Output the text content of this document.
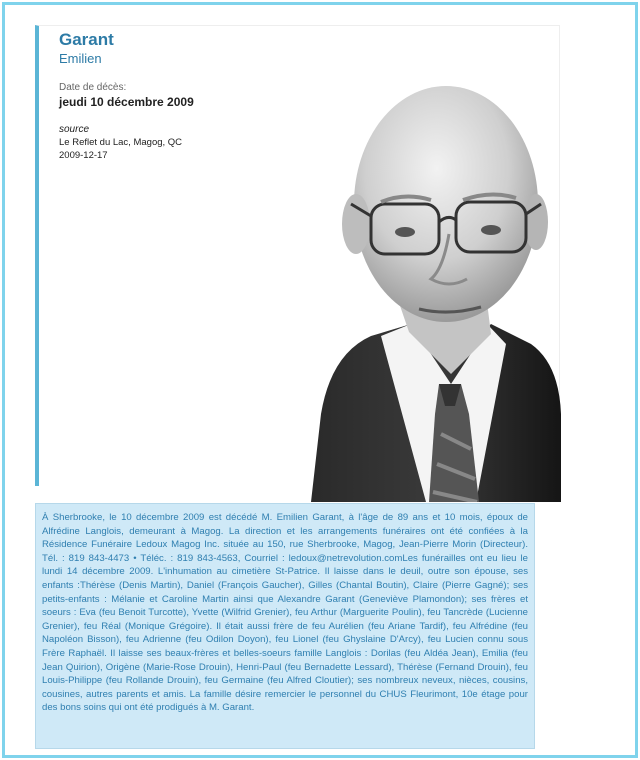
Garant
Emilien
Date de décès:
jeudi 10 décembre 2009
source
Le Reflet du Lac, Magog, QC
2009-12-17
À Sherbrooke, le 10 décembre 2009 est décédé M. Emilien Garant, à l'âge de 89 ans et 10 mois, époux de Alfrédine Langlois, demeurant à Magog. La direction et les arrangements funéraires ont été confiées à la Résidence Funéraire Ledoux Magog Inc. située au 150, rue Sherbrooke, Magog, Jean-Pierre Morin (Directeur). Tél. : 819 843-4473 • Téléc. : 819 843-4563, Courriel : ledoux@netrevolution.comLes funérailles ont eu lieu le lundi 14 décembre 2009. L'inhumation au cimetière St-Patrice. Il laisse dans le deuil, outre son épouse, ses enfants :Thérèse (Denis Martin), Daniel (François Gaucher), Gilles (Chantal Boutin), Claire (Pierre Gagné); ses petits-enfants : Mélanie et Caroline Martin ainsi que Alexandre Garant (Geneviève Plamondon); ses frères et soeurs : Eva (feu Benoit Turcotte), Yvette (Wilfrid Grenier), feu Arthur (Marguerite Poulin), feu Tancrède (Lucienne Grenier), feu Réal (Monique Grégoire). Il était aussi frère de feu Aurélien (feu Ariane Tardif), feu Alfrédine (feu Napoléon Bisson), feu Adrienne (feu Odilon Doyon), feu Lionel (feu Ghyslaine D'Arcy), feu Lucien connu sous Frère Raphaël. Il laisse ses beaux-frères et belles-soeurs famille Langlois : Dorilas (feu Aldéa Jean), Emilia (feu Jean Quirion), Origène (Marie-Rose Drouin), Henri-Paul (feu Bernadette Lessard), Thérèse (Fernand Drouin), feu Louis-Philippe (feu Rollande Drouin), feu Germaine (feu Alfred Cloutier); ses nombreux neveux, nièces, cousins, cousines, autres parents et amis. La famille désire remercier le personnel du CHUS Fleurimont, 10e étage pour des bons soins qui ont été prodigués à M. Garant.
